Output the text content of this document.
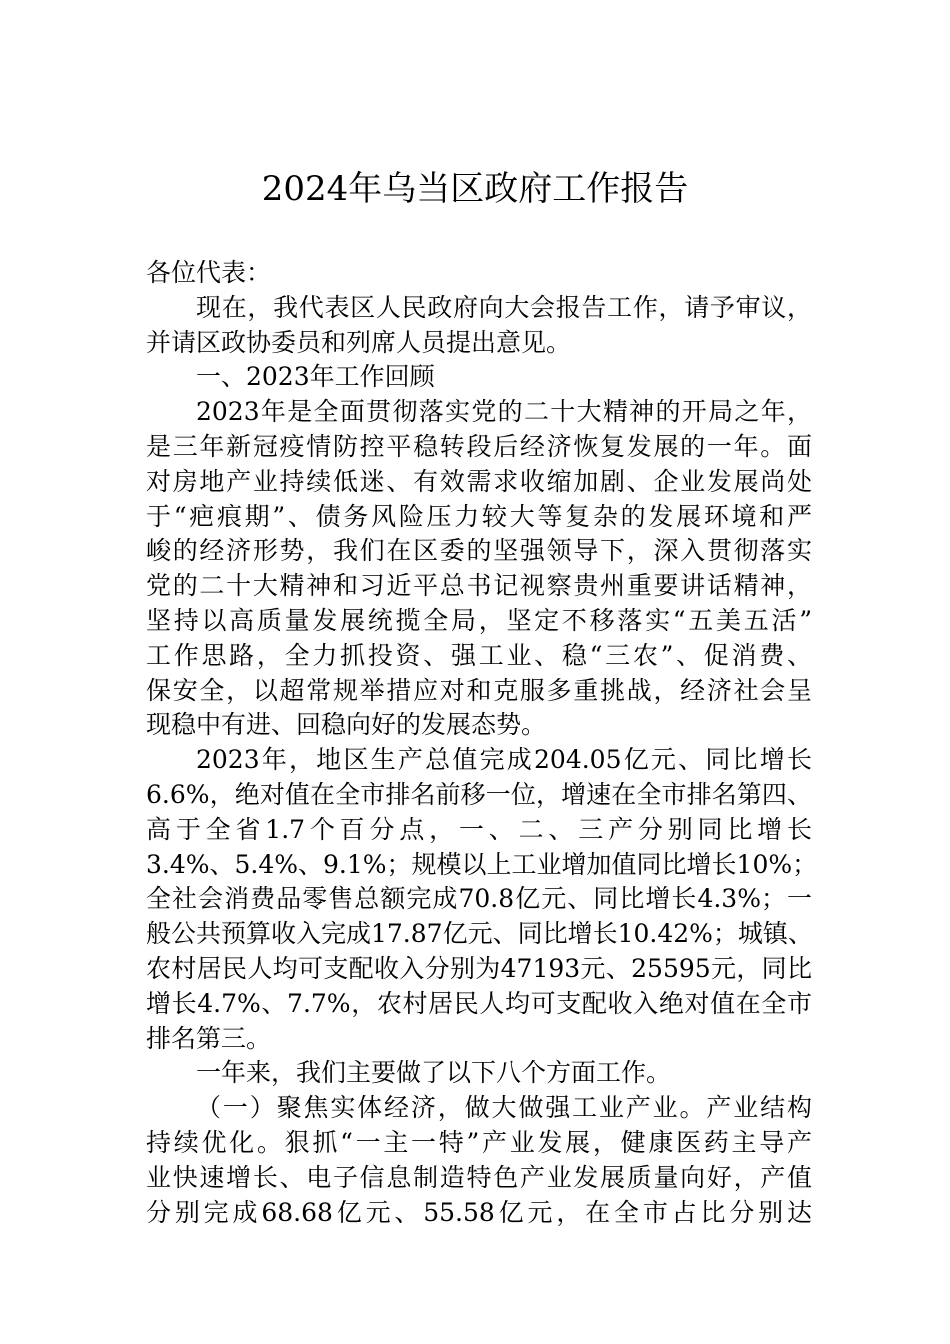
2024年乌当区政府工作报告
各位代表：
现在，我代表区人民政府向大会报告工作，请予审议，
并请区政协委员和列席人员提出意见。
一、2023年工作回顾
2023年是全面贯彻落实党的二十大精神的开局之年，
是三年新冠疫情防控平稳转段后经济恢复发展的一年。面
对房地产业持续低迷、有效需求收缩加剧、企业发展尚处
于“疤痕期”、债务风险压力较大等复杂的发展环境和严
峻的经济形势，我们在区委的坚强领导下，深入贯彻落实
党的二十大精神和习近平总书记视察贵州重要讲话精神，
坚持以高质量发展统揽全局，坚定不移落实“五美五活”
工作思路，全力抓投资、强工业、稳“三农”、促消费、
保安全，以超常规举措应对和克服多重挑战，经济社会呈
现稳中有进、回稳向好的发展态势。
2023年，地区生产总值完成204.05亿元、同比增长
6.6%，绝对值在全市排名前移一位，增速在全市排名第四、
高于全省1.7个百分点，一、二、三产分别同比增长
3.4%、5.4%、9.1%；规模以上工业增加值同比增长10%；
全社会消费品零售总额完成70.8亿元、同比增长4.3%；一
般公共预算收入完成17.87亿元、同比增长10.42%；城镇、
农村居民人均可支配收入分别为47193元、25595元，同比
增长4.7%、7.7%，农村居民人均可支配收入绝对值在全市
排名第三。
一年来，我们主要做了以下八个方面工作。
（一）聚焦实体经济，做大做强工业产业。产业结构
持续优化。狠抓“一主一特”产业发展，健康医药主导产
业快速增长、电子信息制造特色产业发展质量向好，产值
分别完成68.68亿元、55.58亿元，在全市占比分别达
